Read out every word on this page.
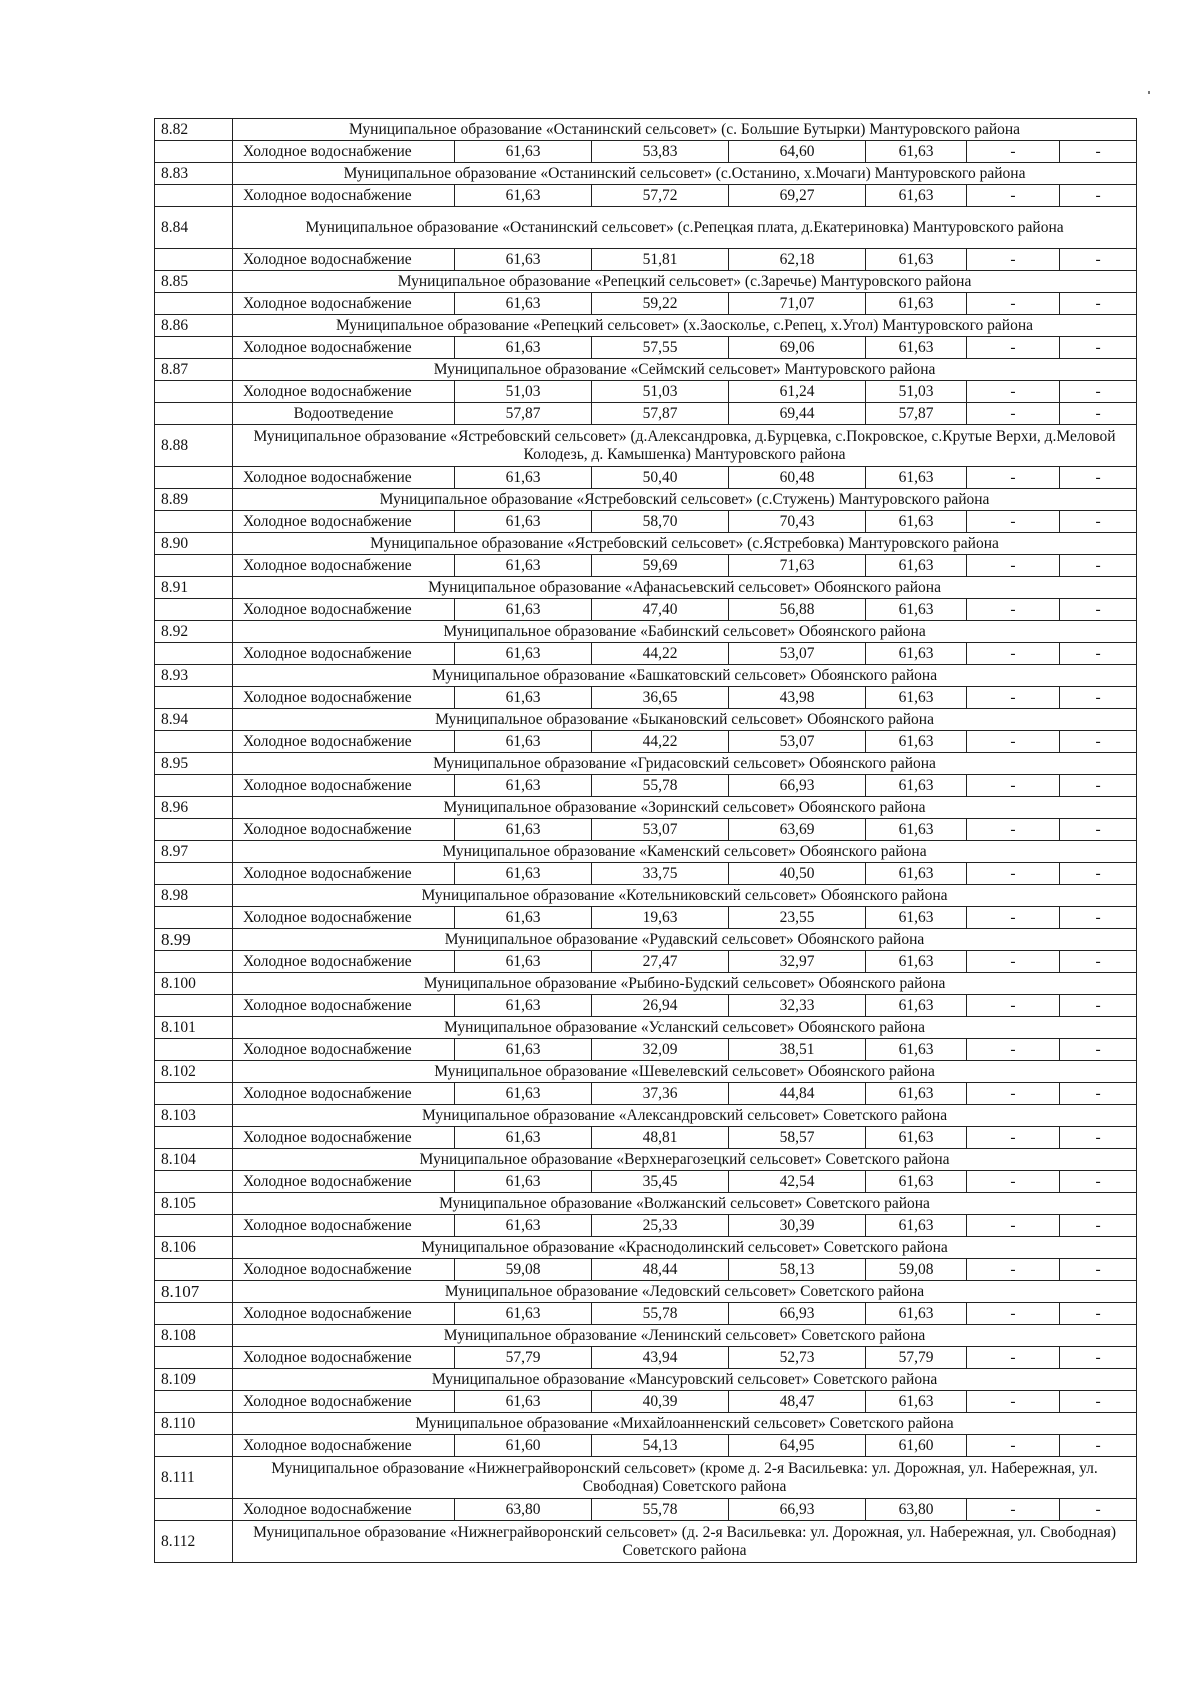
8.82	Муниципальное образование «Останинский сельсовет» (с. Большие Бутырки) Мантуровского района						
	Холодное водоснабжение	61,63	53,83	64,60	61,63	-	-
8.83	Муниципальное образование «Останинский сельсовет» (с.Останино, х.Мочаги) Мантуровского района						
	Холодное водоснабжение	61,63	57,72	69,27	61,63	-	-
8.84	Муниципальное образование «Останинский сельсовет» (с.Репецкая плата, д.Екатериновка) Мантуровского района						
	Холодное водоснабжение	61,63	51,81	62,18	61,63	-	-
8.85	Муниципальное образование «Репецкий сельсовет» (с.Заречье) Мантуровского района						
	Холодное водоснабжение	61,63	59,22	71,07	61,63	-	-
8.86	Муниципальное образование «Репецкий сельсовет» (х.Заосколье, с.Репец, х.Угол) Мантуровского района						
	Холодное водоснабжение	61,63	57,55	69,06	61,63	-	-
8.87	Муниципальное образование «Сеймский сельсовет» Мантуровского района						
	Холодное водоснабжение	51,03	51,03	61,24	51,03	-	-
	Водоотведение	57,87	57,87	69,44	57,87	-	-
8.88	Муниципальное образование «Ястребовский сельсовет» (д.Александровка, д.Бурцевка, с.Покровское, с.Крутые Верхи, д.Меловой Колодезь, д. Камышенка) Мантуровского района						
	Холодное водоснабжение	61,63	50,40	60,48	61,63	-	-
8.89	Муниципальное образование «Ястребовский сельсовет» (с.Стужень) Мантуровского района						
	Холодное водоснабжение	61,63	58,70	70,43	61,63	-	-
8.90	Муниципальное образование «Ястребовский сельсовет» (с.Ястребовка) Мантуровского района						
	Холодное водоснабжение	61,63	59,69	71,63	61,63	-	-
8.91	Муниципальное образование «Афанасьевский сельсовет» Обоянского района						
	Холодное водоснабжение	61,63	47,40	56,88	61,63	-	-
8.92	Муниципальное образование «Бабинский сельсовет» Обоянского района						
	Холодное водоснабжение	61,63	44,22	53,07	61,63	-	-
8.93	Муниципальное образование «Башкатовский сельсовет» Обоянского района						
	Холодное водоснабжение	61,63	36,65	43,98	61,63	-	-
8.94	Муниципальное образование «Быкановский сельсовет» Обоянского района						
	Холодное водоснабжение	61,63	44,22	53,07	61,63	-	-
8.95	Муниципальное образование «Гридасовский сельсовет» Обоянского района						
	Холодное водоснабжение	61,63	55,78	66,93	61,63	-	-
8.96	Муниципальное образование «Зоринский сельсовет» Обоянского района						
	Холодное водоснабжение	61,63	53,07	63,69	61,63	-	-
8.97	Муниципальное образование «Каменский сельсовет» Обоянского района						
	Холодное водоснабжение	61,63	33,75	40,50	61,63	-	-
8.98	Муниципальное образование «Котельниковский сельсовет» Обоянского района						
	Холодное водоснабжение	61,63	19,63	23,55	61,63	-	-
8.99	Муниципальное образование «Рудавский сельсовет» Обоянского района						
	Холодное водоснабжение	61,63	27,47	32,97	61,63	-	-
8.100	Муниципальное образование «Рыбино-Будский сельсовет» Обоянского района						
	Холодное водоснабжение	61,63	26,94	32,33	61,63	-	-
8.101	Муниципальное образование «Усланский сельсовет» Обоянского района						
	Холодное водоснабжение	61,63	32,09	38,51	61,63	-	-
8.102	Муниципальное образование «Шевелевский сельсовет» Обоянского района						
	Холодное водоснабжение	61,63	37,36	44,84	61,63	-	-
8.103	Муниципальное образование «Александровский сельсовет» Советского района						
	Холодное водоснабжение	61,63	48,81	58,57	61,63	-	-
8.104	Муниципальное образование «Верхнерагозецкий сельсовет» Советского района						
	Холодное водоснабжение	61,63	35,45	42,54	61,63	-	-
8.105	Муниципальное образование «Волжанский сельсовет» Советского района						
	Холодное водоснабжение	61,63	25,33	30,39	61,63	-	-
8.106	Муниципальное образование «Краснодолинский сельсовет» Советского района						
	Холодное водоснабжение	59,08	48,44	58,13	59,08	-	-
8.107	Муниципальное образование «Ледовский сельсовет» Советского района						
	Холодное водоснабжение	61,63	55,78	66,93	61,63	-	-
8.108	Муниципальное образование «Ленинский сельсовет» Советского района						
	Холодное водоснабжение	57,79	43,94	52,73	57,79	-	-
8.109	Муниципальное образование «Мансуровский сельсовет» Советского района						
	Холодное водоснабжение	61,63	40,39	48,47	61,63	-	-
8.110	Муниципальное образование «Михайлоанненский сельсовет» Советского района						
	Холодное водоснабжение	61,60	54,13	64,95	61,60	-	-
8.111	Муниципальное образование «Нижнеграйворонский сельсовет» (кроме д. 2-я Васильевка: ул. Дорожная, ул. Набережная, ул. Свободная) Советского района						
	Холодное водоснабжение	63,80	55,78	66,93	63,80	-	-
8.112	Муниципальное образование «Нижнеграйворонский сельсовет» (д. 2-я Васильевка: ул. Дорожная, ул. Набережная, ул. Свободная) Советского района						
